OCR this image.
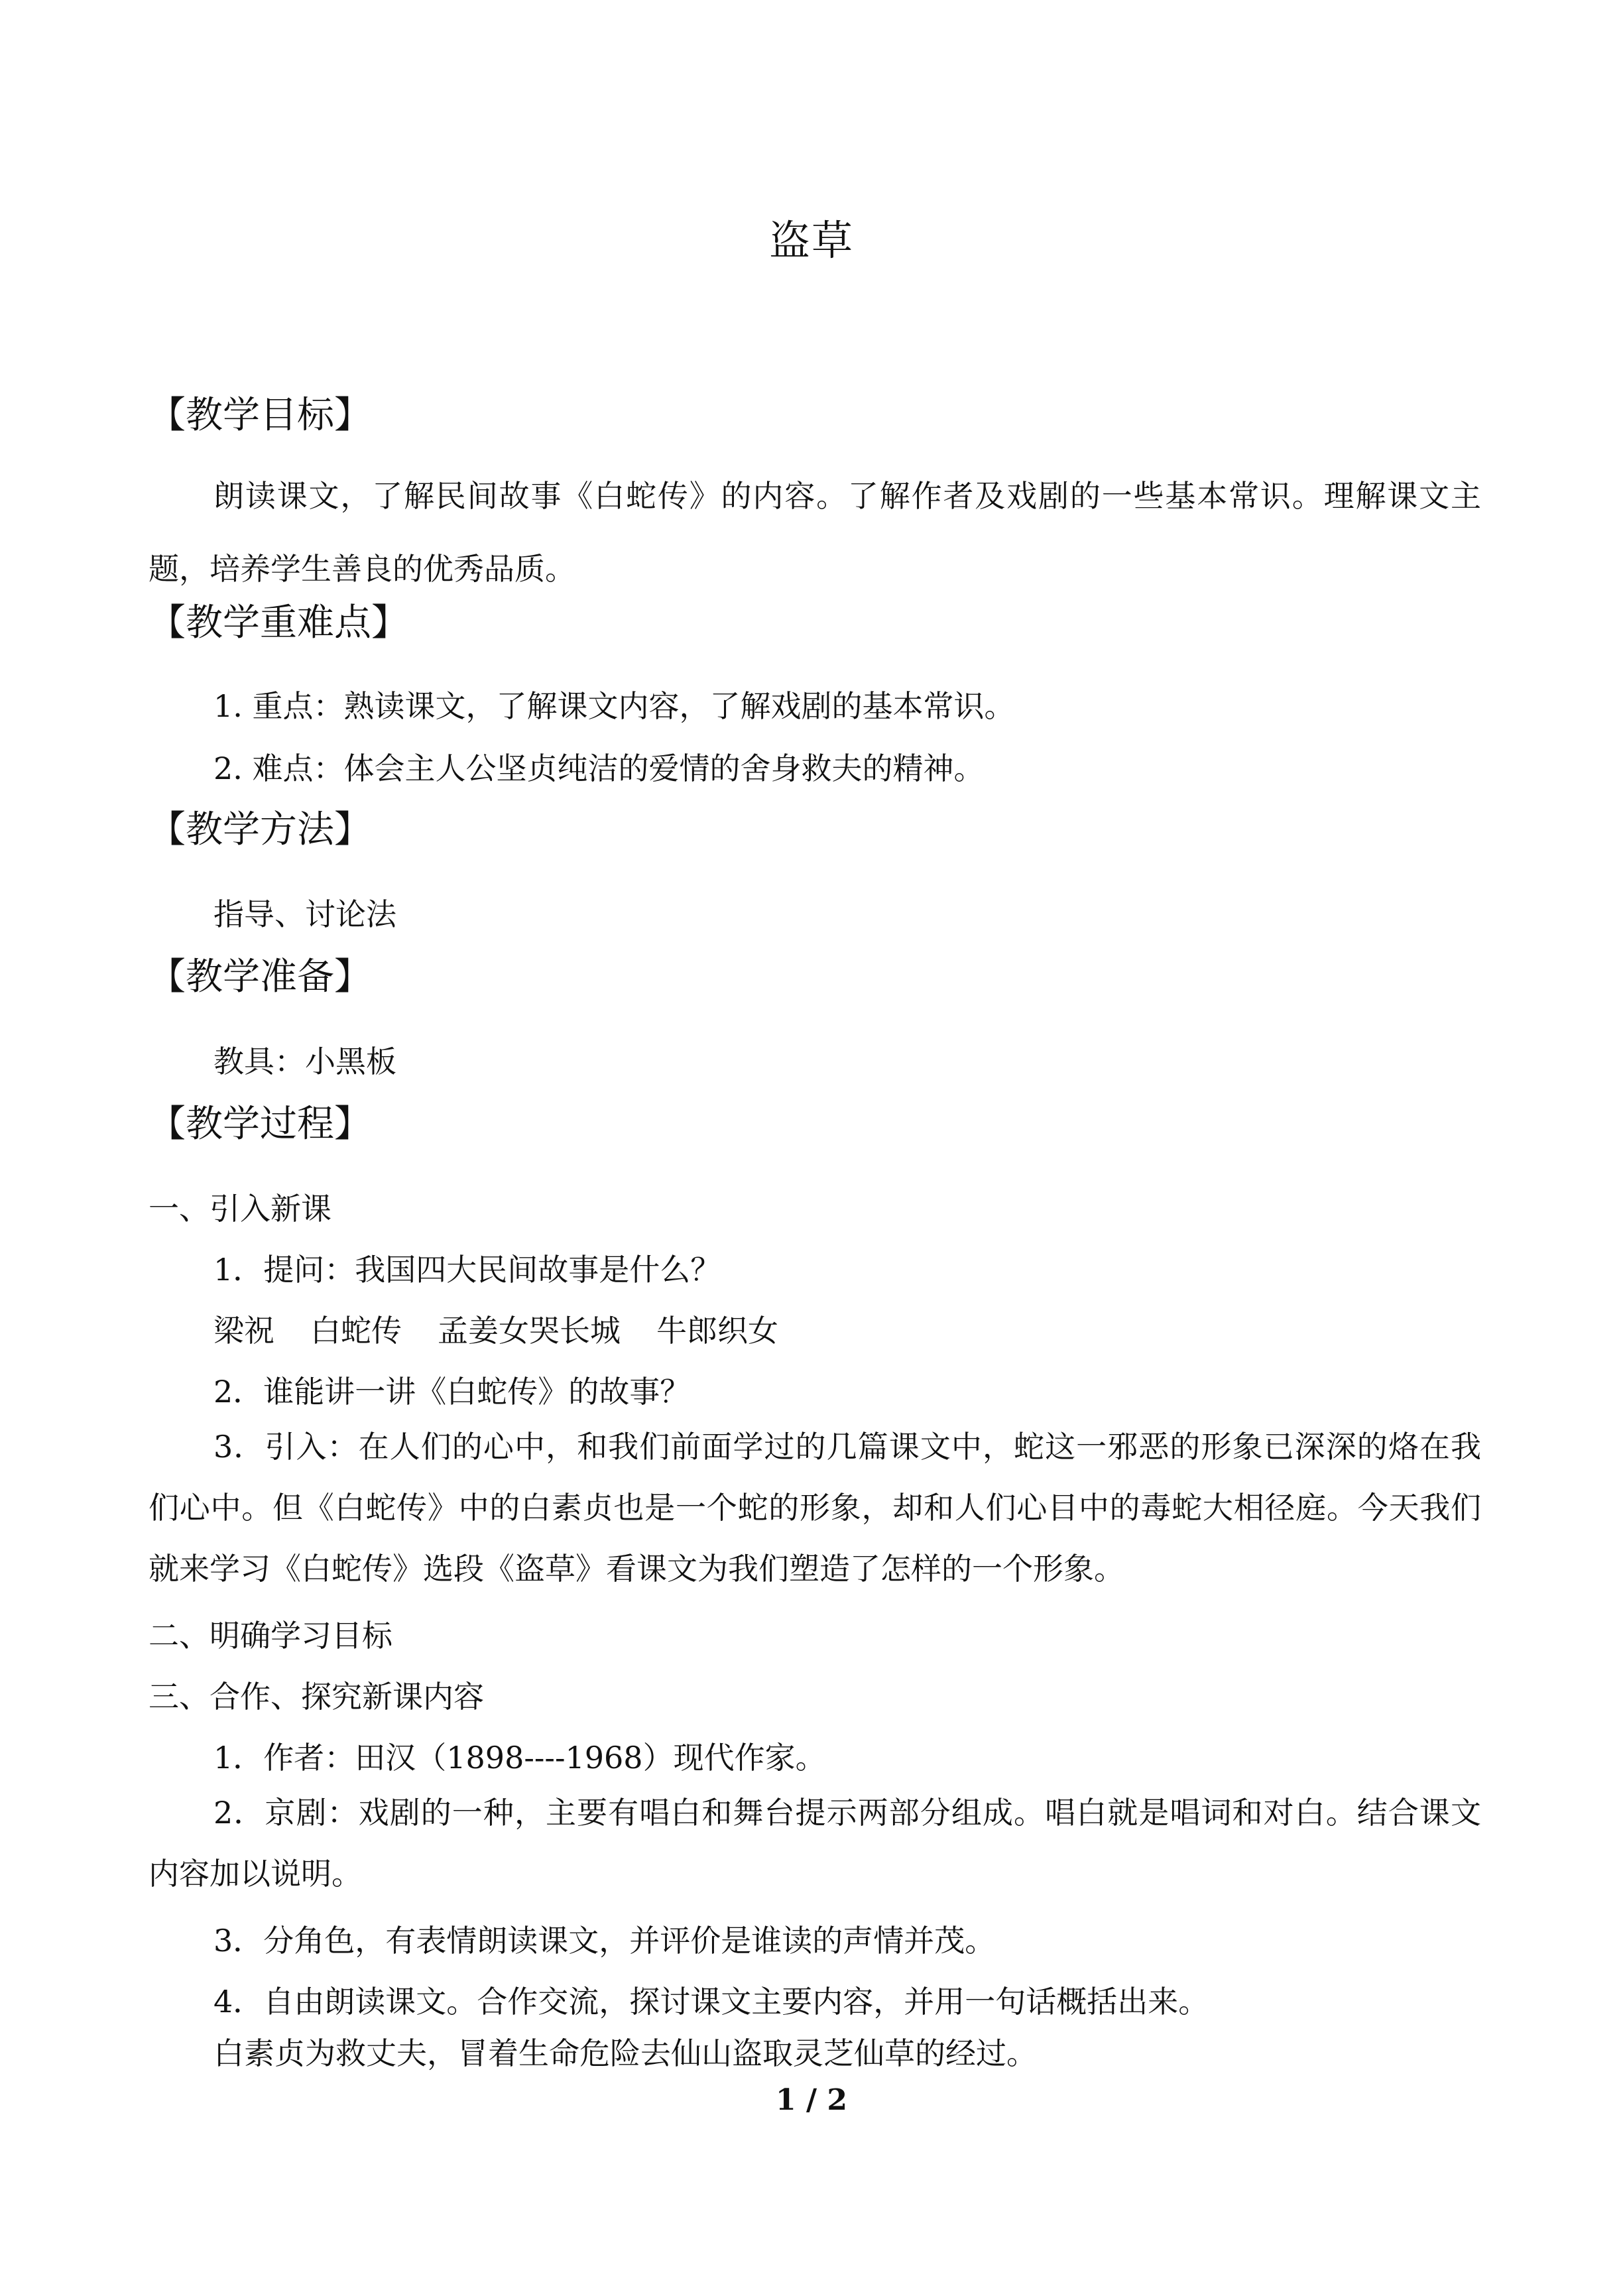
盗草
【教学目标】
朗读课文，了解民间故事《白蛇传》的内容。了解作者及戏剧的一些基本常识。理解课文主题，培养学生善良的优秀品质。
【教学重难点】
1. 重点：熟读课文，了解课文内容，了解戏剧的基本常识。
2. 难点：体会主人公坚贞纯洁的爱情的舍身救夫的精神。
【教学方法】
指导、讨论法
【教学准备】
教具：小黑板
【教学过程】
一、引入新课
1．提问：我国四大民间故事是什么？
梁祝 白蛇传 孟姜女哭长城 牛郎织女
2．谁能讲一讲《白蛇传》的故事？
3．引入：在人们的心中，和我们前面学过的几篇课文中，蛇这一邪恶的形象已深深的烙在我们心中。但《白蛇传》中的白素贞也是一个蛇的形象，却和人们心目中的毒蛇大相径庭。今天我们就来学习《白蛇传》选段《盗草》看课文为我们塑造了怎样的一个形象。
二、明确学习目标
三、合作、探究新课内容
1．作者：田汉（1898----1968）现代作家。
2．京剧：戏剧的一种，主要有唱白和舞台提示两部分组成。唱白就是唱词和对白。结合课文内容加以说明。
3．分角色，有表情朗读课文，并评价是谁读的声情并茂。
4．自由朗读课文。合作交流，探讨课文主要内容，并用一句话概括出来。
白素贞为救丈夫，冒着生命危险去仙山盗取灵芝仙草的经过。
1 / 2
